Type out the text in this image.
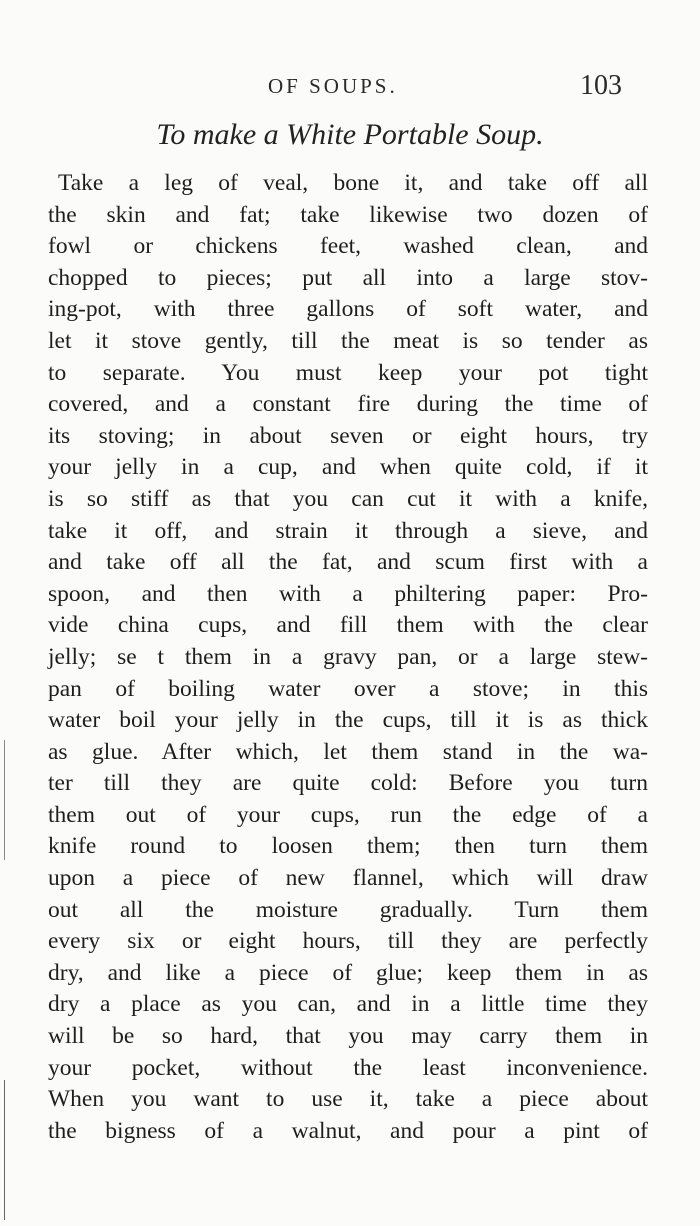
OF SOUPS.	103
To make a White Portable Soup.
Take a leg of veal, bone it, and take off all
the skin and fat; take likewise two dozen of
fowl or chickens feet, washed clean, and
chopped to pieces; put all into a large stov-
ing-pot, with three gallons of soft water, and
let it stove gently, till the meat is so tender as
to separate. You must keep your pot tight
covered, and a constant fire during the time of
its stoving; in about seven or eight hours, try
your jelly in a cup, and when quite cold, if it
is so stiff as that you can cut it with a knife,
take it off, and strain it through a sieve, and
and take off all the fat, and scum first with a
spoon, and then with a philtering paper: Pro-
vide china cups, and fill them with the clear
jelly; se t them in a gravy pan, or a large stew-
pan of boiling water over a stove; in this
water boil your jelly in the cups, till it is as thick
as glue. After which, let them stand in the wa-
ter till they are quite cold: Before you turn
them out of your cups, run the edge of a
knife round to loosen them; then turn them
upon a piece of new flannel, which will draw
out all the moisture gradually. Turn them
every six or eight hours, till they are perfectly
dry, and like a piece of glue; keep them in as
dry a place as you can, and in a little time they
will be so hard, that you may carry them in
your pocket, without the least inconvenience.
When you want to use it, take a piece about
the bigness of a walnut, and pour a pint of
